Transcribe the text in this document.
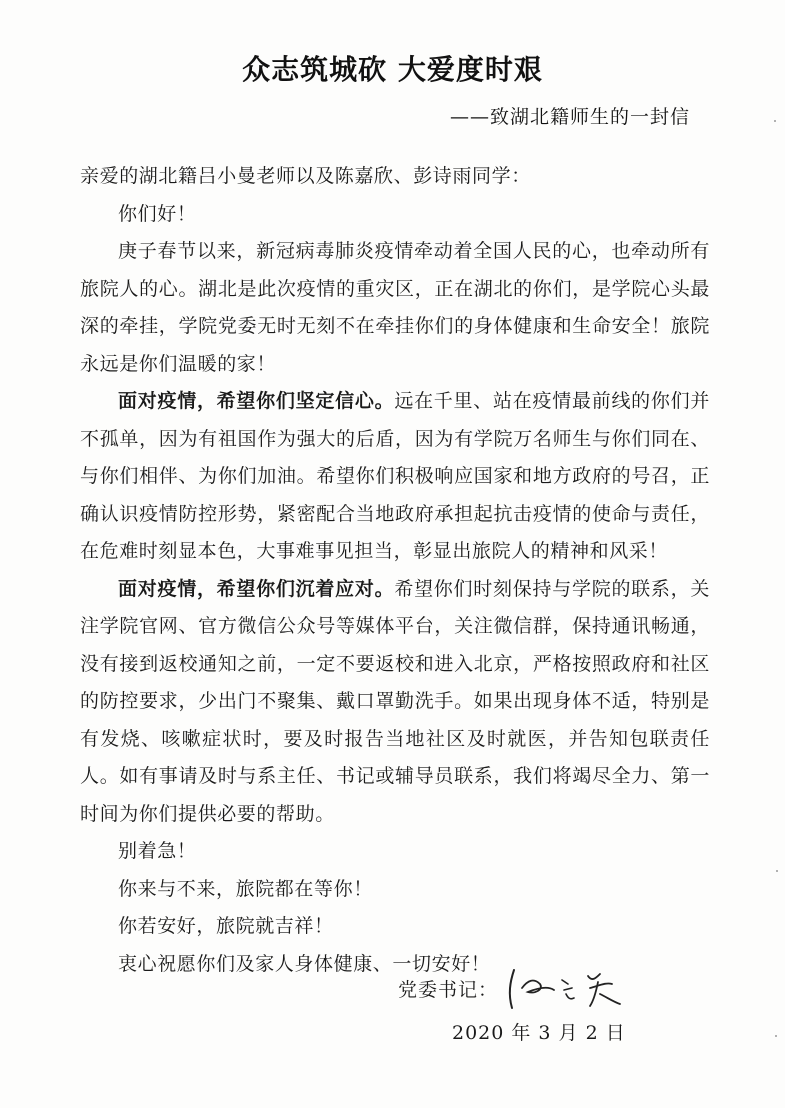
众志筑城砍 大爱度时艰
——致湖北籍师生的一封信

亲爱的湖北籍吕小曼老师以及陈嘉欣、彭诗雨同学：

你们好！

庚子春节以来，新冠病毒肺炎疫情牵动着全国人民的心，也牵动所有旅院人的心。湖北是此次疫情的重灾区，正在湖北的你们，是学院心头最深的牵挂，学院党委无时无刻不在牵挂你们的身体健康和生命安全！旅院永远是你们温暖的家！

面对疫情，希望你们坚定信心。远在千里、站在疫情最前线的你们并不孤单，因为有祖国作为强大的后盾，因为有学院万名师生与你们同在、与你们相伴、为你们加油。希望你们积极响应国家和地方政府的号召，正确认识疫情防控形势，紧密配合当地政府承担起抗击疫情的使命与责任，在危难时刻显本色，大事难事见担当，彰显出旅院人的精神和风采！

面对疫情，希望你们沉着应对。希望你们时刻保持与学院的联系，关注学院官网、官方微信公众号等媒体平台，关注微信群，保持通讯畅通，没有接到返校通知之前，一定不要返校和进入北京，严格按照政府和社区的防控要求，少出门不聚集、戴口罩勤洗手。如果出现身体不适，特别是有发烧、咳嗽症状时，要及时报告当地社区及时就医，并告知包联责任人。如有事请及时与系主任、书记或辅导员联系，我们将竭尽全力、第一时间为你们提供必要的帮助。

别着急！

你来与不来，旅院都在等你！

你若安好，旅院就吉祥！

衷心祝愿你们及家人身体健康、一切安好！

党委书记：
2020 年 3 月 2 日
